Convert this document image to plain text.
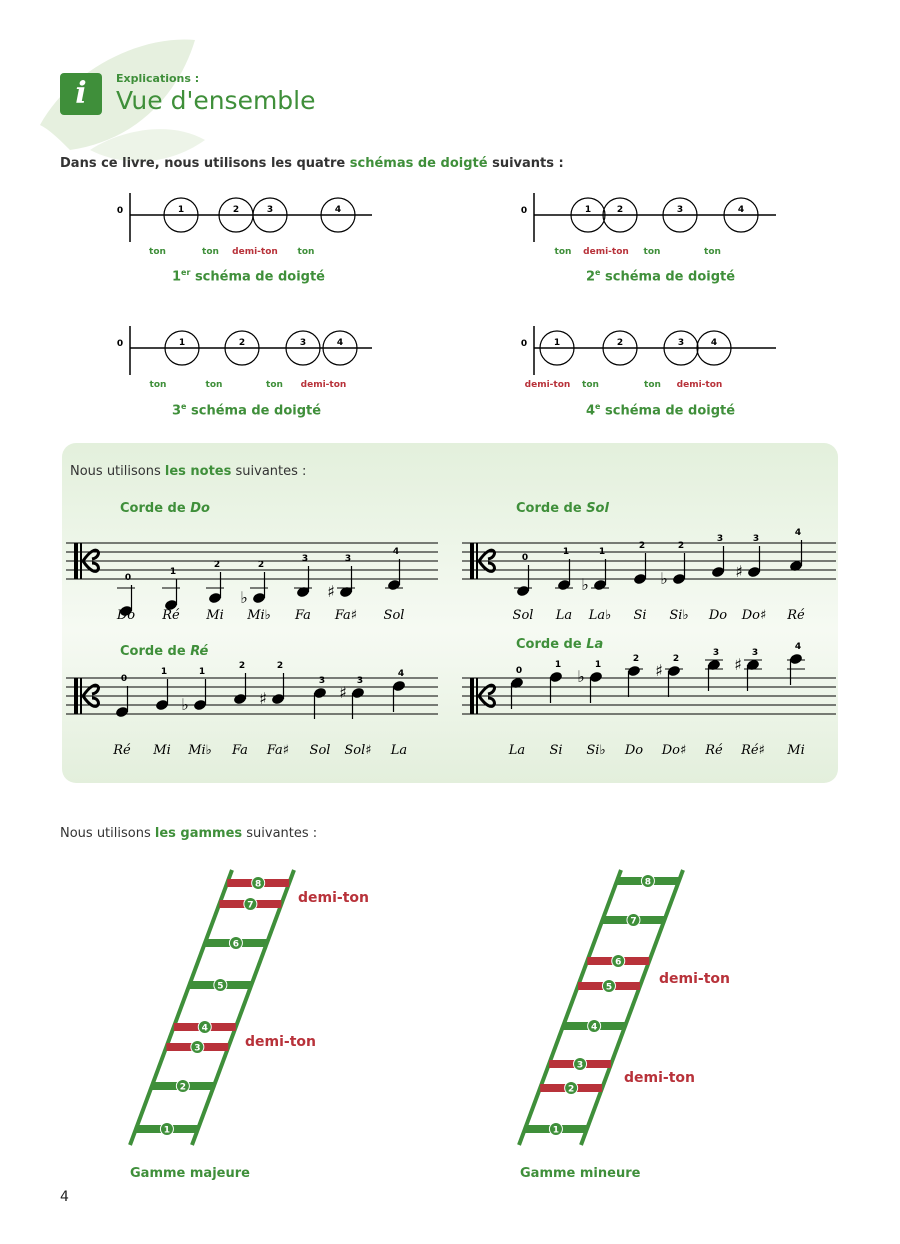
i	Explications :
Vue d'ensemble
Dans ce livre, nous utilisons les quatre schémas de doigté suivants :
0	1	2	3	4
ton	ton demi-ton ton
0	1	2	3	4
ton demi-ton ton	ton
0	1	2	3	4
ton	ton	ton demi-ton
0	1	2	3	4
demi-ton ton	ton demi-ton
1er schéma de doigté	2e schéma de doigté
3e schéma de doigté	4e schéma de doigté
Nous utilisons les notes suivantes :
Corde de Do	Corde de Sol
Corde de Ré	Corde de La
0
Do
1
Ré
2
Mi
♭
2
Mi♭
3
Fa
♯
3
Fa♯
4
Sol
0
Sol
1
La
♭
1
La♭
2
Si
♭
2
Si♭
3
Do
♯
3
Do♯
4
Ré
0
Ré
1
Mi
♭
1
Mi♭
2
Fa
♯
2
Fa♯
3
Sol
♯
3
Sol♯
4
La
0
La
1
Si
♭
1
Si♭
2
Do
♯
2
Do♯
3
Ré
♯
3
Ré♯
4
Mi
Nous utilisons les gammes suivantes :
1
2
3
4
5
6
7
8
1
2
3
4
5
6
7
8
demi-ton
demi-ton
demi-ton
demi-ton
Gamme majeure	Gamme mineure
4
